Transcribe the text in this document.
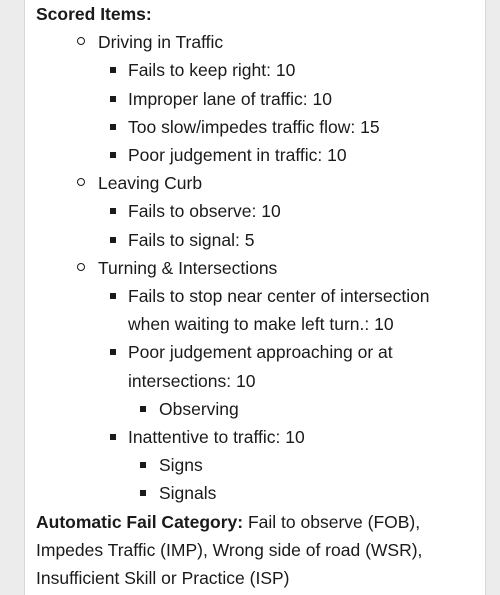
Scored Items:

Driving in Traffic
Fails to keep right: 10
Improper lane of traffic: 10
Too slow/impedes traffic flow: 15
Poor judgement in traffic: 10
Leaving Curb
Fails to observe: 10
Fails to signal: 5
Turning & Intersections
Fails to stop near center of intersection when waiting to make left turn.: 10
Poor judgement approaching or at intersections: 10
Observing
Inattentive to traffic: 10
Signs
Signals

Automatic Fail Category: Fail to observe (FOB), Impedes Traffic (IMP), Wrong side of road (WSR), Insufficient Skill or Practice (ISP)
